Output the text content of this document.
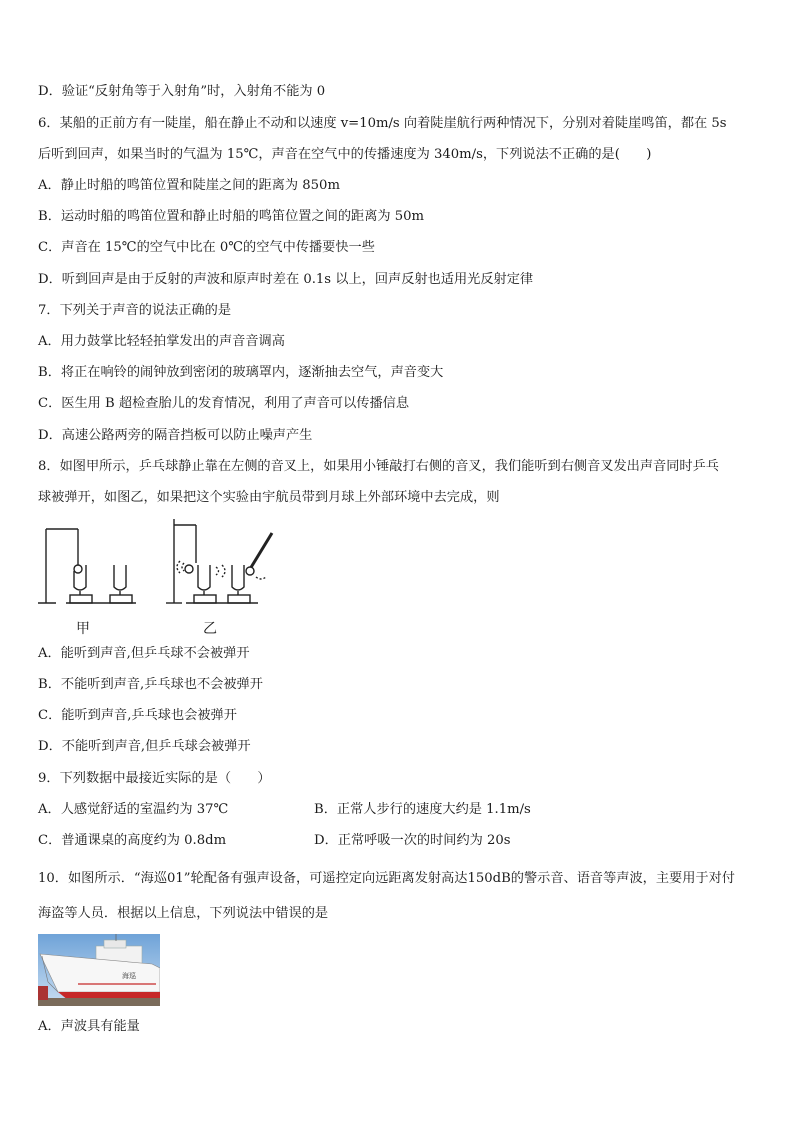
D．验证“反射角等于入射角”时，入射角不能为 0
6．某船的正前方有一陡崖，船在静止不动和以速度 v=10m/s 向着陡崖航行两种情况下，分别对着陡崖鸣笛，都在 5s
后听到回声，如果当时的气温为 15℃，声音在空气中的传播速度为 340m/s，下列说法不正确的是(　　)
A．静止时船的鸣笛位置和陡崖之间的距离为 850m
B．运动时船的鸣笛位置和静止时船的鸣笛位置之间的距离为 50m
C．声音在 15℃的空气中比在 0℃的空气中传播要快一些
D．听到回声是由于反射的声波和原声时差在 0.1s 以上，回声反射也适用光反射定律
7．下列关于声音的说法正确的是
A．用力鼓掌比轻轻拍掌发出的声音音调高
B．将正在响铃的闹钟放到密闭的玻璃罩内，逐渐抽去空气，声音变大
C．医生用 B 超检查胎儿的发育情况，利用了声音可以传播信息
D．高速公路两旁的隔音挡板可以防止噪声产生
8．如图甲所示，乒乓球静止靠在左侧的音叉上，如果用小锤敲打右侧的音叉，我们能听到右侧音叉发出声音同时乒乓
球被弹开，如图乙，如果把这个实验由宇航员带到月球上外部环境中去完成，则
甲	乙
A．能听到声音,但乒乓球不会被弹开
B．不能听到声音,乒乓球也不会被弹开
C．能听到声音,乒乓球也会被弹开
D．不能听到声音,但乒乓球会被弹开
9．下列数据中最接近实际的是（　　）
A．人感觉舒适的室温约为 37℃	B．正常人步行的速度大约是 1.1m/s
C．普通课桌的高度约为 0.8dm	D．正常呼吸一次的时间约为 20s
10．如图所示．“海巡01”轮配备有强声设备，可遥控定向远距离发射高达150dB的警示音、语音等声波，主要用于对付
海盗等人员．根据以上信息，下列说法中错误的是
海巡
A．声波具有能量
